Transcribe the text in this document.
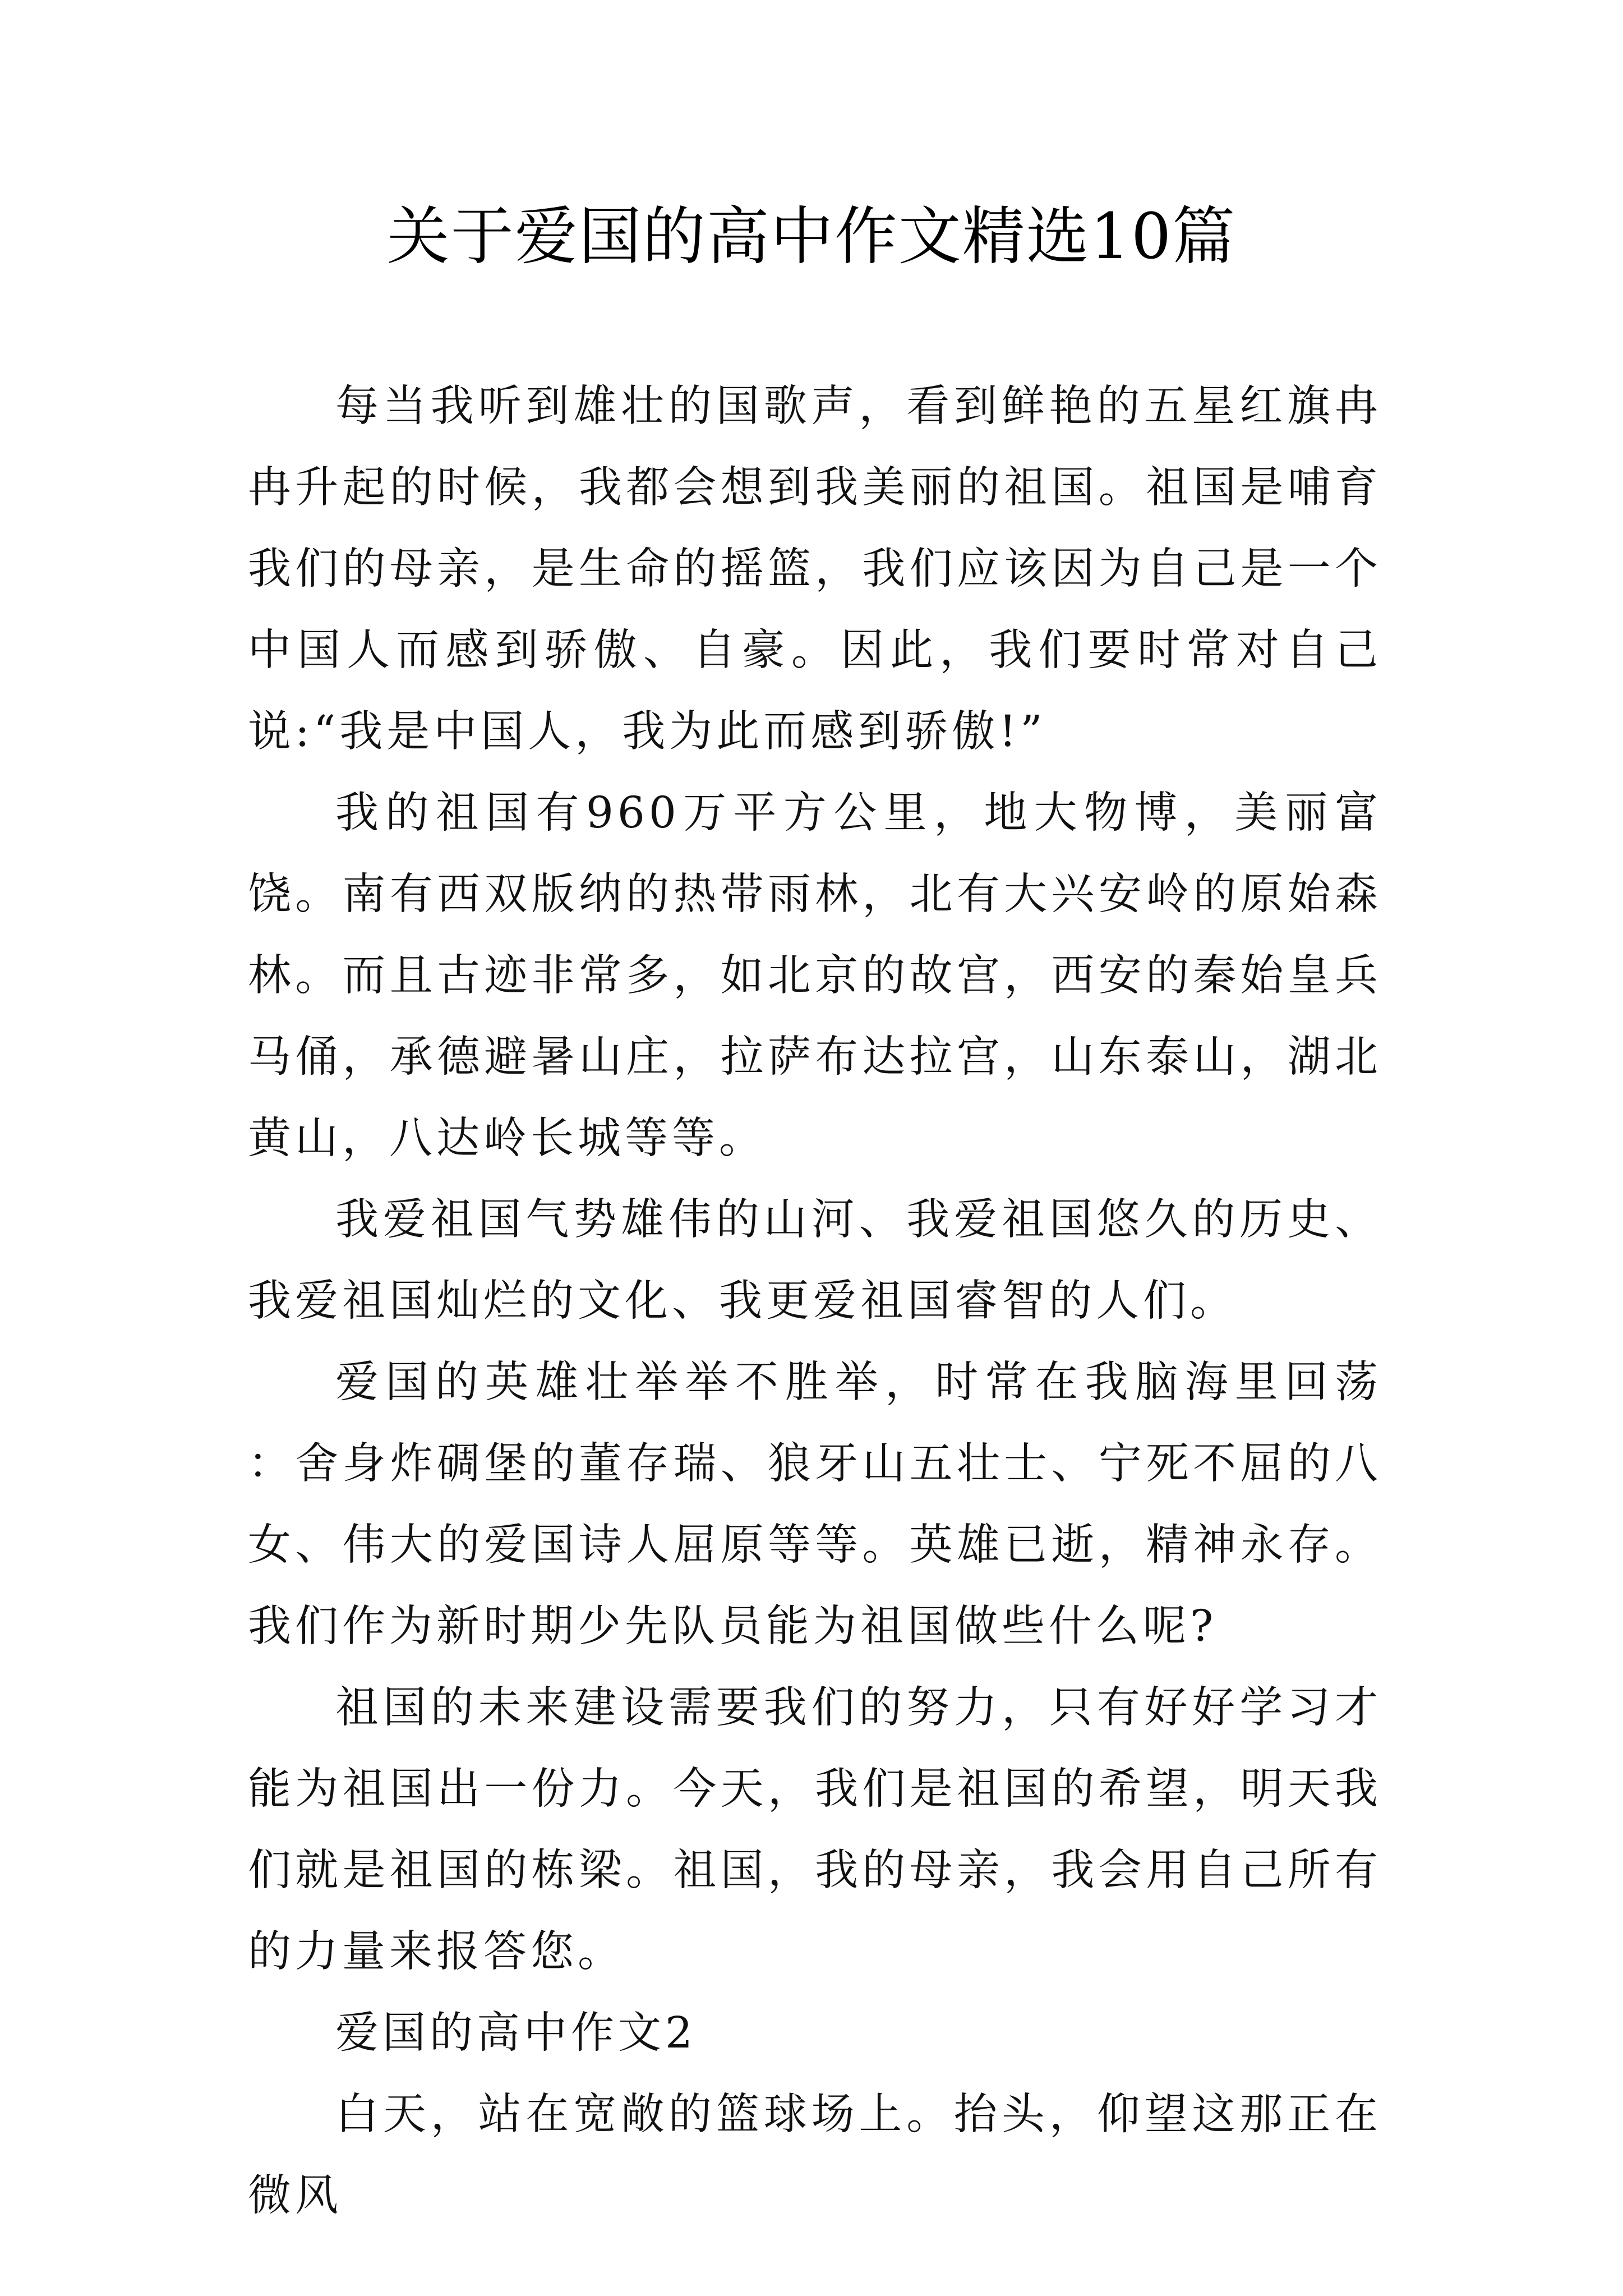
关于爱国的高中作文精选10篇

每当我听到雄壮的国歌声，看到鲜艳的五星红旗冉冉升起的时候，我都会想到我美丽的祖国。祖国是哺育我们的母亲，是生命的摇篮，我们应该因为自己是一个中国人而感到骄傲、自豪。因此，我们要时常对自己说:“我是中国人，我为此而感到骄傲!”

我的祖国有960万平方公里，地大物博，美丽富饶。南有西双版纳的热带雨林，北有大兴安岭的原始森林。而且古迹非常多，如北京的故宫，西安的秦始皇兵马俑，承德避暑山庄，拉萨布达拉宫，山东泰山，湖北黄山，八达岭长城等等。

我爱祖国气势雄伟的山河、我爱祖国悠久的历史、我爱祖国灿烂的文化、我更爱祖国睿智的人们。

爱国的英雄壮举举不胜举，时常在我脑海里回荡 ：舍身炸碉堡的董存瑞、狼牙山五壮士、宁死不屈的八女、伟大的爱国诗人屈原等等。英雄已逝，精神永存。我们作为新时期少先队员能为祖国做些什么呢?

祖国的未来建设需要我们的努力，只有好好学习才能为祖国出一份力。今天，我们是祖国的希望，明天我们就是祖国的栋梁。祖国，我的母亲，我会用自己所有的力量来报答您。

爱国的高中作文2

白天，站在宽敞的篮球场上。抬头，仰望这那正在微风
